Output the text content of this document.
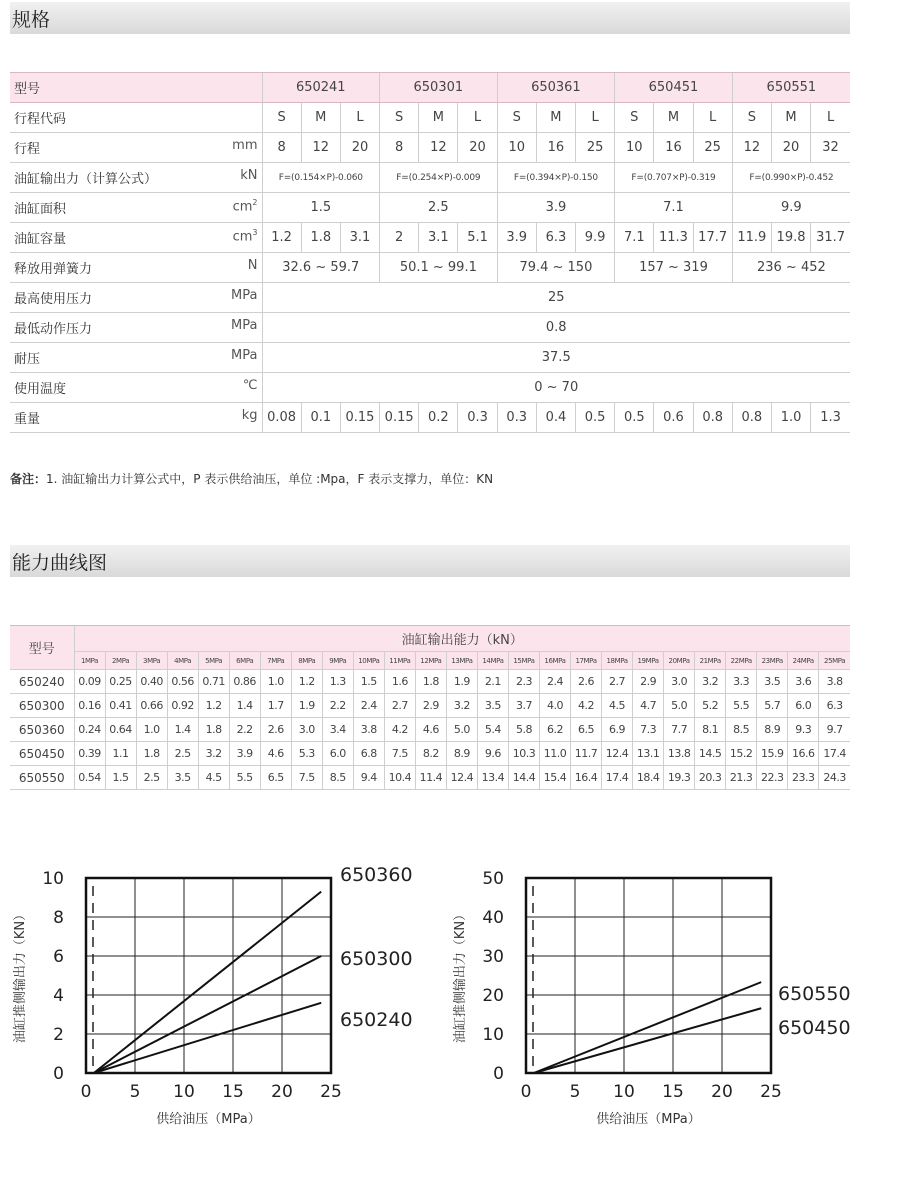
规格
型号	650241			650301			650361			650451			650551		
行程代码	S	M	L	S	M	L	S	M	L	S	M	L	S	M	L
行程 mm	8	12	20	8	12	20	10	16	25	10	16	25	12	20	32
油缸输出力（计算公式） kN	F=(0.154×P)-0.060			F=(0.254×P)-0.009			F=(0.394×P)-0.150			F=(0.707×P)-0.319			F=(0.990×P)-0.452		
油缸面积 $cm^2$	1.5			2.5			3.9			7.1			9.9		
油缸容量 $cm^3$	1.2	1.8	3.1	2	3.1	5.1	3.9	6.3	9.9	7.1	11.3	17.7	11.9	19.8	31.7
释放用弹簧力 N	32.6 ~ 59.7			50.1 ~ 99.1			79.4 ~ 150			157 ~ 319			236 ~ 452		
最高使用压力 MPa	25														
最低动作压力 MPa	0.8														
耐压 MPa	37.5														
使用温度 ℃	0 ~ 70														
重量 kg	0.08	0.1	0.15	0.15	0.2	0.3	0.3	0.4	0.5	0.5	0.6	0.8	0.8	1.0	1.3
备注：1. 油缸输出力计算公式中，P 表示供给油压，单位 :Mpa，F 表示支撑力，单位：KN
能力曲线图
型号	油缸输出能力（kN）																								
	1MPa	2MPa	3MPa	4MPa	5MPa	6MPa	7MPa	8MPa	9MPa	10MPa	11MPa	12MPa	13MPa	14MPa	15MPa	16MPa	17MPa	18MPa	19MPa	20MPa	21MPa	22MPa	23MPa	24MPa	25MPa
650240	0.09	0.25	0.40	0.56	0.71	0.86	1.0	1.2	1.3	1.5	1.6	1.8	1.9	2.1	2.3	2.4	2.6	2.7	2.9	3.0	3.2	3.3	3.5	3.6	3.8
650300	0.16	0.41	0.66	0.92	1.2	1.4	1.7	1.9	2.2	2.4	2.7	2.9	3.2	3.5	3.7	4.0	4.2	4.5	4.7	5.0	5.2	5.5	5.7	6.0	6.3
650360	0.24	0.64	1.0	1.4	1.8	2.2	2.6	3.0	3.4	3.8	4.2	4.6	5.0	5.4	5.8	6.2	6.5	6.9	7.3	7.7	8.1	8.5	8.9	9.3	9.7
650450	0.39	1.1	1.8	2.5	3.2	3.9	4.6	5.3	6.0	6.8	7.5	8.2	8.9	9.6	10.3	11.0	11.7	12.4	13.1	13.8	14.5	15.2	15.9	16.6	17.4
650550	0.54	1.5	2.5	3.5	4.5	5.5	6.5	7.5	8.5	9.4	10.4	11.4	12.4	13.4	14.4	15.4	16.4	17.4	18.4	19.3	20.3	21.3	22.3	23.3	24.3
0 5 10 15 20 25
0
2
4
6
8
10	650360
650300
650240
供给油压（MPa）
油缸推侧输出力（KN）
0 5 10 15 20 25
0
10
20
30
40
50
650550
650450
供给油压（MPa）
油缸推侧输出力（KN）
